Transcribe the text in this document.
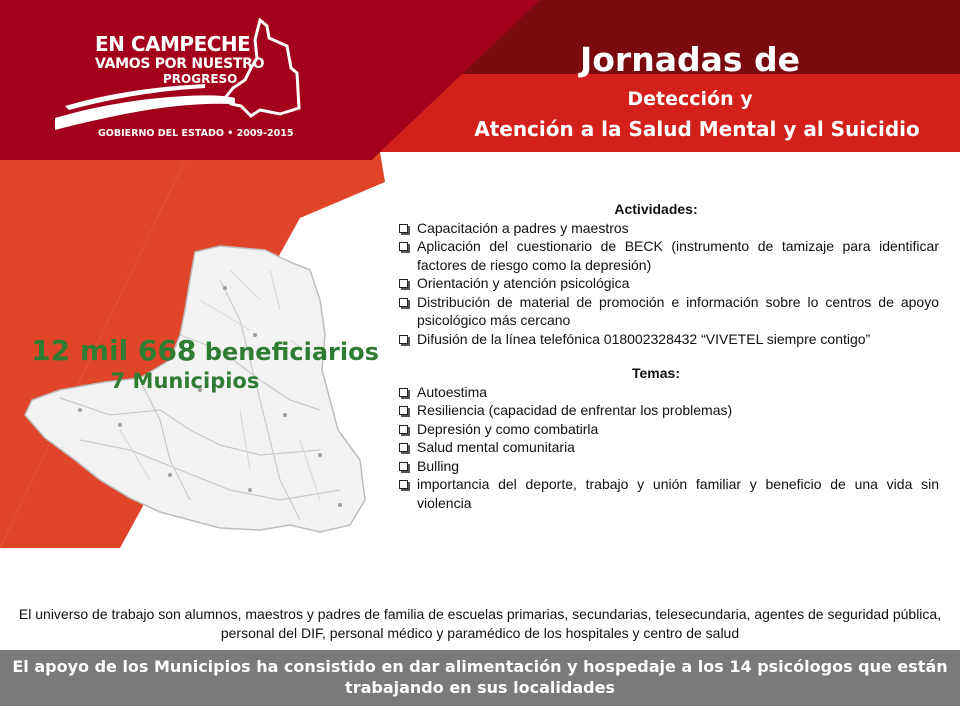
EN CAMPECHE
VAMOS POR NUESTRO
PROGRESO
GOBIERNO DEL ESTADO • 2009-2015
Jornadas de
Detección y
Atención a la Salud Mental y al Suicidio
12 mil 668 beneficiarios
7 Municipios
Actividades:
Capacitación a padres y maestros
Aplicación del cuestionario de BECK (instrumento de tamizaje para identificar factores de riesgo como la depresión)
Orientación y atención psicológica
Distribución de material de promoción e información sobre lo centros de apoyo psicológico más cercano
Difusión de la línea telefónica 018002328432 “VIVETEL siempre contigo”
Temas:
Autoestima
Resiliencia (capacidad de enfrentar los problemas)
Depresión y como combatirla
Salud mental comunitaria
Bulling
importancia del deporte, trabajo y unión familiar y beneficio de una vida sin violencia
El universo de trabajo son alumnos, maestros y padres de familia de escuelas primarias, secundarias, telesecundaria, agentes de seguridad pública, personal del DIF, personal médico y paramédico de los hospitales y centro de salud
El apoyo de los Municipios ha consistido en dar alimentación y hospedaje a los 14 psicólogos que están trabajando en sus localidades
